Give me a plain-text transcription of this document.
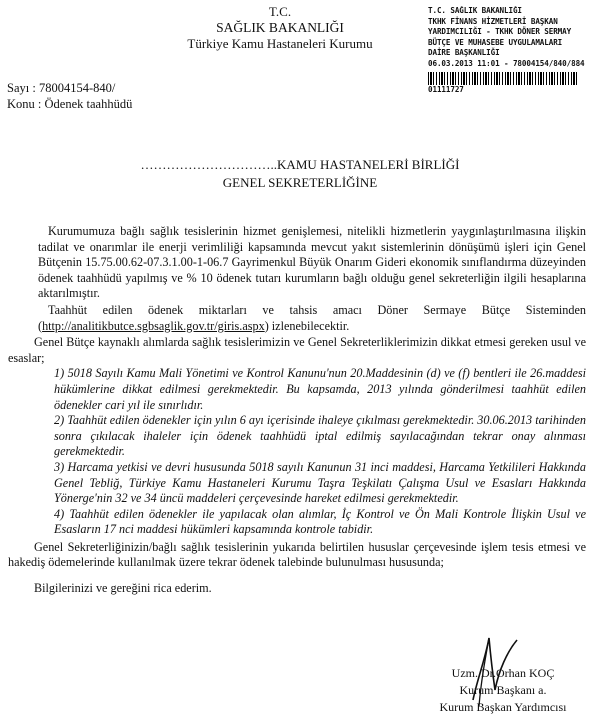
T.C.
SAĞLIK BAKANLIĞI
Türkiye Kamu Hastaneleri Kurumu
T.C. SAĞLIK BAKANLIĞI
TKHK FİNANS HİZMETLERİ BAŞKAN
YARDIMCILIĞI - TKHK DÖNER SERMAY
BÜTÇE VE MUHASEBE UYGULAMALARI
DAİRE BAŞKANLIĞI
06.03.2013 11:01 - 78004154/840/884
01111727
Sayı : 78004154-840/
Konu : Ödenek taahhüdü
…………………………..KAMU HASTANELERİ BİRLİĞİ
GENEL SEKRETERLİĞİNE

Kurumumuza bağlı sağlık tesislerinin hizmet genişlemesi, nitelikli hizmetlerin yaygınlaştırılmasına ilişkin tadilat ve onarımlar ile enerji verimliliği kapsamında mevcut yakıt sistemlerinin dönüşümü işleri için Genel Bütçenin 15.75.00.62-07.3.1.00-1-06.7 Gayrimenkul Büyük Onarım Gideri ekonomik sınıflandırma düzeyinden ödenek taahhüdü yapılmış ve % 10 ödenek tutarı kurumların bağlı olduğu genel sekreterliğin ilgili hesaplarına aktarılmıştır.

Taahhüt edilen ödenek miktarları ve tahsis amacı Döner Sermaye Bütçe Sisteminden (http://analitikbutce.sgbsaglik.gov.tr/giris.aspx) izlenebilecektir.

Genel Bütçe kaynaklı alımlarda sağlık tesislerimizin ve Genel Sekreterliklerimizin dikkat etmesi gereken usul ve esaslar;

1) 5018 Sayılı Kamu Mali Yönetimi ve Kontrol Kanunu'nun 20.Maddesinin (d) ve (f) bentleri ile 26.maddesi hükümlerine dikkat edilmesi gerekmektedir. Bu kapsamda, 2013 yılında gönderilmesi taahhüt edilen ödenekler cari yıl ile sınırlıdır.

2) Taahhüt edilen ödenekler için yılın 6 ayı içerisinde ihaleye çıkılması gerekmektedir. 30.06.2013 tarihinden sonra çıkılacak ihaleler için ödenek taahhüdü iptal edilmiş sayılacağından tekrar onay alınması gerekmektedir.

3) Harcama yetkisi ve devri hususunda 5018 sayılı Kanunun 31 inci maddesi, Harcama Yetkilileri Hakkında Genel Tebliğ, Türkiye Kamu Hastaneleri Kurumu Taşra Teşkilatı Çalışma Usul ve Esasları Hakkında Yönerge'nin 32 ve 34 üncü maddeleri çerçevesinde hareket edilmesi gerekmektedir.

4) Taahhüt edilen ödenekler ile yapılacak olan alımlar, İç Kontrol ve Ön Mali Kontrole İlişkin Usul ve Esasların 17 nci maddesi hükümleri kapsamında kontrole tabidir.

Genel Sekreterliğinizin/bağlı sağlık tesislerinin yukarıda belirtilen hususlar çerçevesinde işlem tesis etmesi ve hakediş ödemelerinde kullanılmak üzere tekrar ödenek talebinde bulunulması hususunda;

Bilgilerinizi ve gereğini rica ederim.

Uzm. Dr.Orhan KOÇ
Kurum Başkanı a.
Kurum Başkan Yardımcısı
